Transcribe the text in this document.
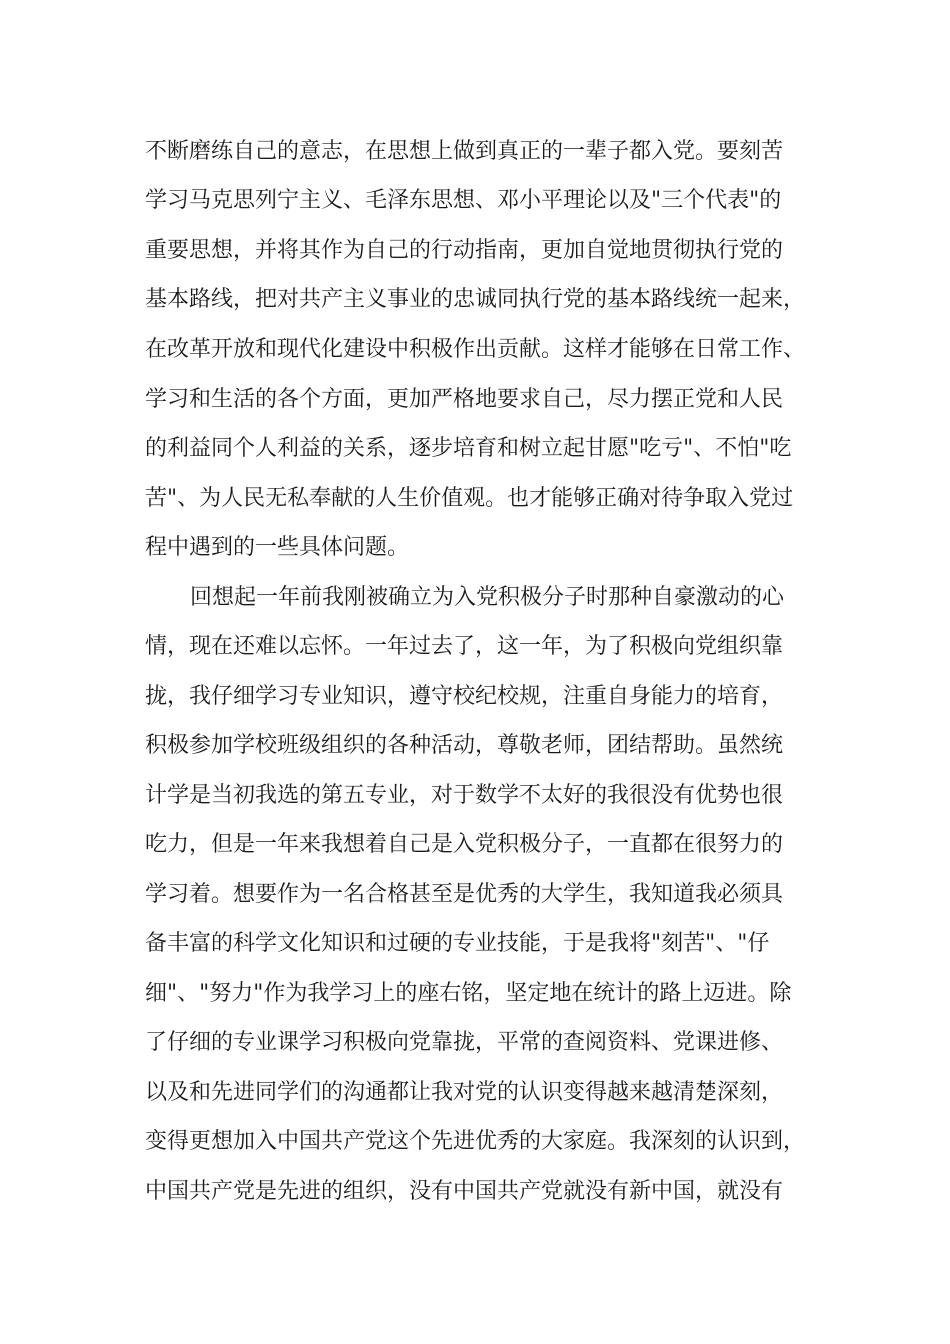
不断磨练自己的意志，在思想上做到真正的一辈子都入党。要刻苦
学习马克思列宁主义、毛泽东思想、邓小平理论以及"三个代表"的
重要思想，并将其作为自己的行动指南，更加自觉地贯彻执行党的
基本路线，把对共产主义事业的忠诚同执行党的基本路线统一起来，
在改革开放和现代化建设中积极作出贡献。这样才能够在日常工作、
学习和生活的各个方面，更加严格地要求自己，尽力摆正党和人民
的利益同个人利益的关系，逐步培育和树立起甘愿"吃亏"、不怕"吃
苦"、为人民无私奉献的人生价值观。也才能够正确对待争取入党过
程中遇到的一些具体问题。
回想起一年前我刚被确立为入党积极分子时那种自豪激动的心
情，现在还难以忘怀。一年过去了，这一年，为了积极向党组织靠
拢，我仔细学习专业知识，遵守校纪校规，注重自身能力的培育，
积极参加学校班级组织的各种活动，尊敬老师，团结帮助。虽然统
计学是当初我选的第五专业，对于数学不太好的我很没有优势也很
吃力，但是一年来我想着自己是入党积极分子，一直都在很努力的
学习着。想要作为一名合格甚至是优秀的大学生，我知道我必须具
备丰富的科学文化知识和过硬的专业技能，于是我将"刻苦"、"仔
细"、"努力"作为我学习上的座右铭，坚定地在统计的路上迈进。除
了仔细的专业课学习积极向党靠拢，平常的查阅资料、党课进修、
以及和先进同学们的沟通都让我对党的认识变得越来越清楚深刻，
变得更想加入中国共产党这个先进优秀的大家庭。我深刻的认识到，
中国共产党是先进的组织，没有中国共产党就没有新中国，就没有
